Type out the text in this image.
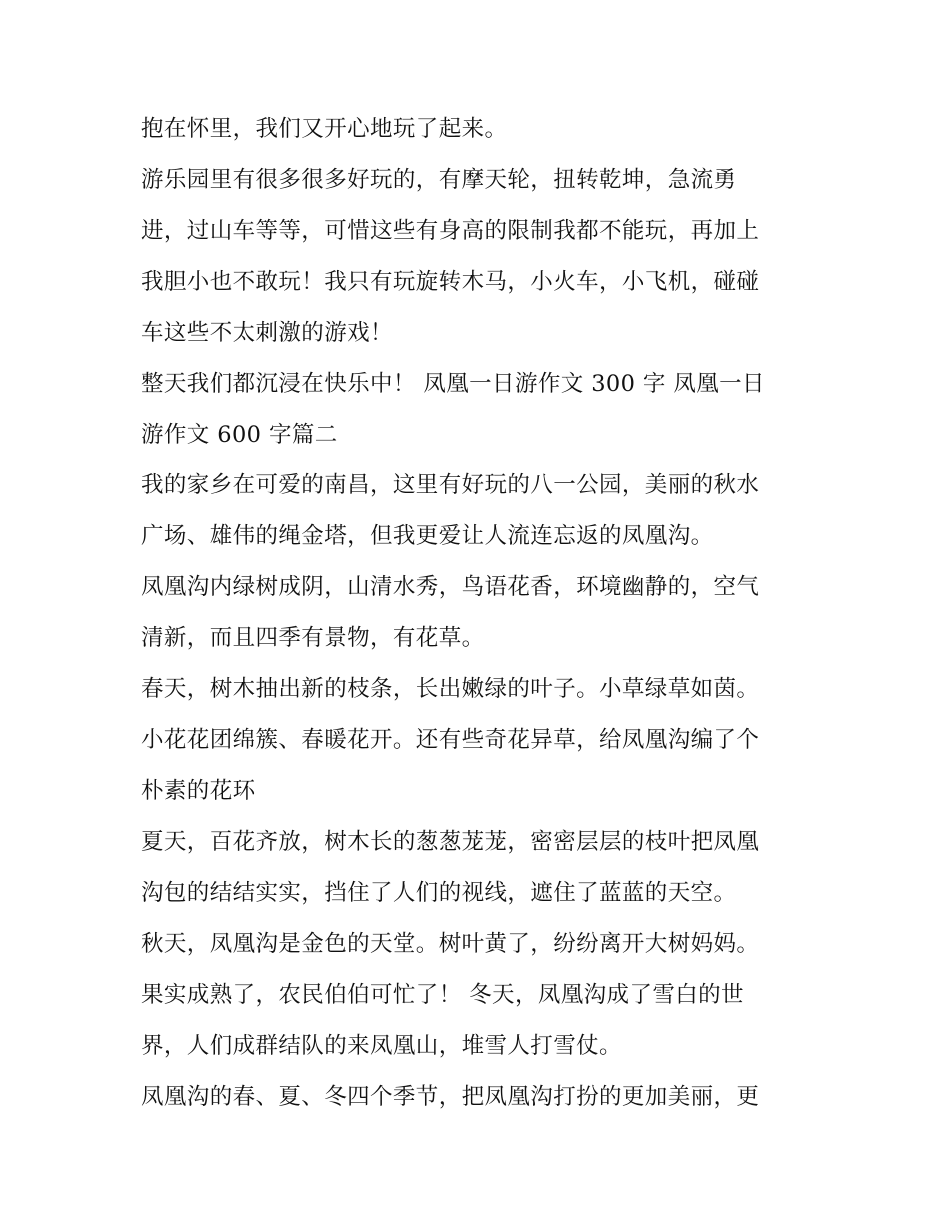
抱在怀里，我们又开心地玩了起来。
游乐园里有很多很多好玩的，有摩天轮，扭转乾坤，急流勇
进，过山车等等，可惜这些有身高的限制我都不能玩，再加上
我胆小也不敢玩！我只有玩旋转木马，小火车，小飞机，碰碰
车这些不太刺激的游戏！
整天我们都沉浸在快乐中！ 凤凰一日游作文 300 字 凤凰一日
游作文 600 字篇二
我的家乡在可爱的南昌，这里有好玩的八一公园，美丽的秋水
广场、雄伟的绳金塔，但我更爱让人流连忘返的凤凰沟。
凤凰沟内绿树成阴，山清水秀，鸟语花香，环境幽静的，空气
清新，而且四季有景物，有花草。
春天，树木抽出新的枝条，长出嫩绿的叶子。小草绿草如茵。
小花花团绵簇、春暖花开。还有些奇花异草，给凤凰沟编了个
朴素的花环
夏天，百花齐放，树木长的葱葱茏茏，密密层层的枝叶把凤凰
沟包的结结实实，挡住了人们的视线，遮住了蓝蓝的天空。
秋天，凤凰沟是金色的天堂。树叶黄了，纷纷离开大树妈妈。
果实成熟了，农民伯伯可忙了！ 冬天，凤凰沟成了雪白的世
界，人们成群结队的来凤凰山，堆雪人打雪仗。
凤凰沟的春、夏、冬四个季节，把凤凰沟打扮的更加美丽，更
